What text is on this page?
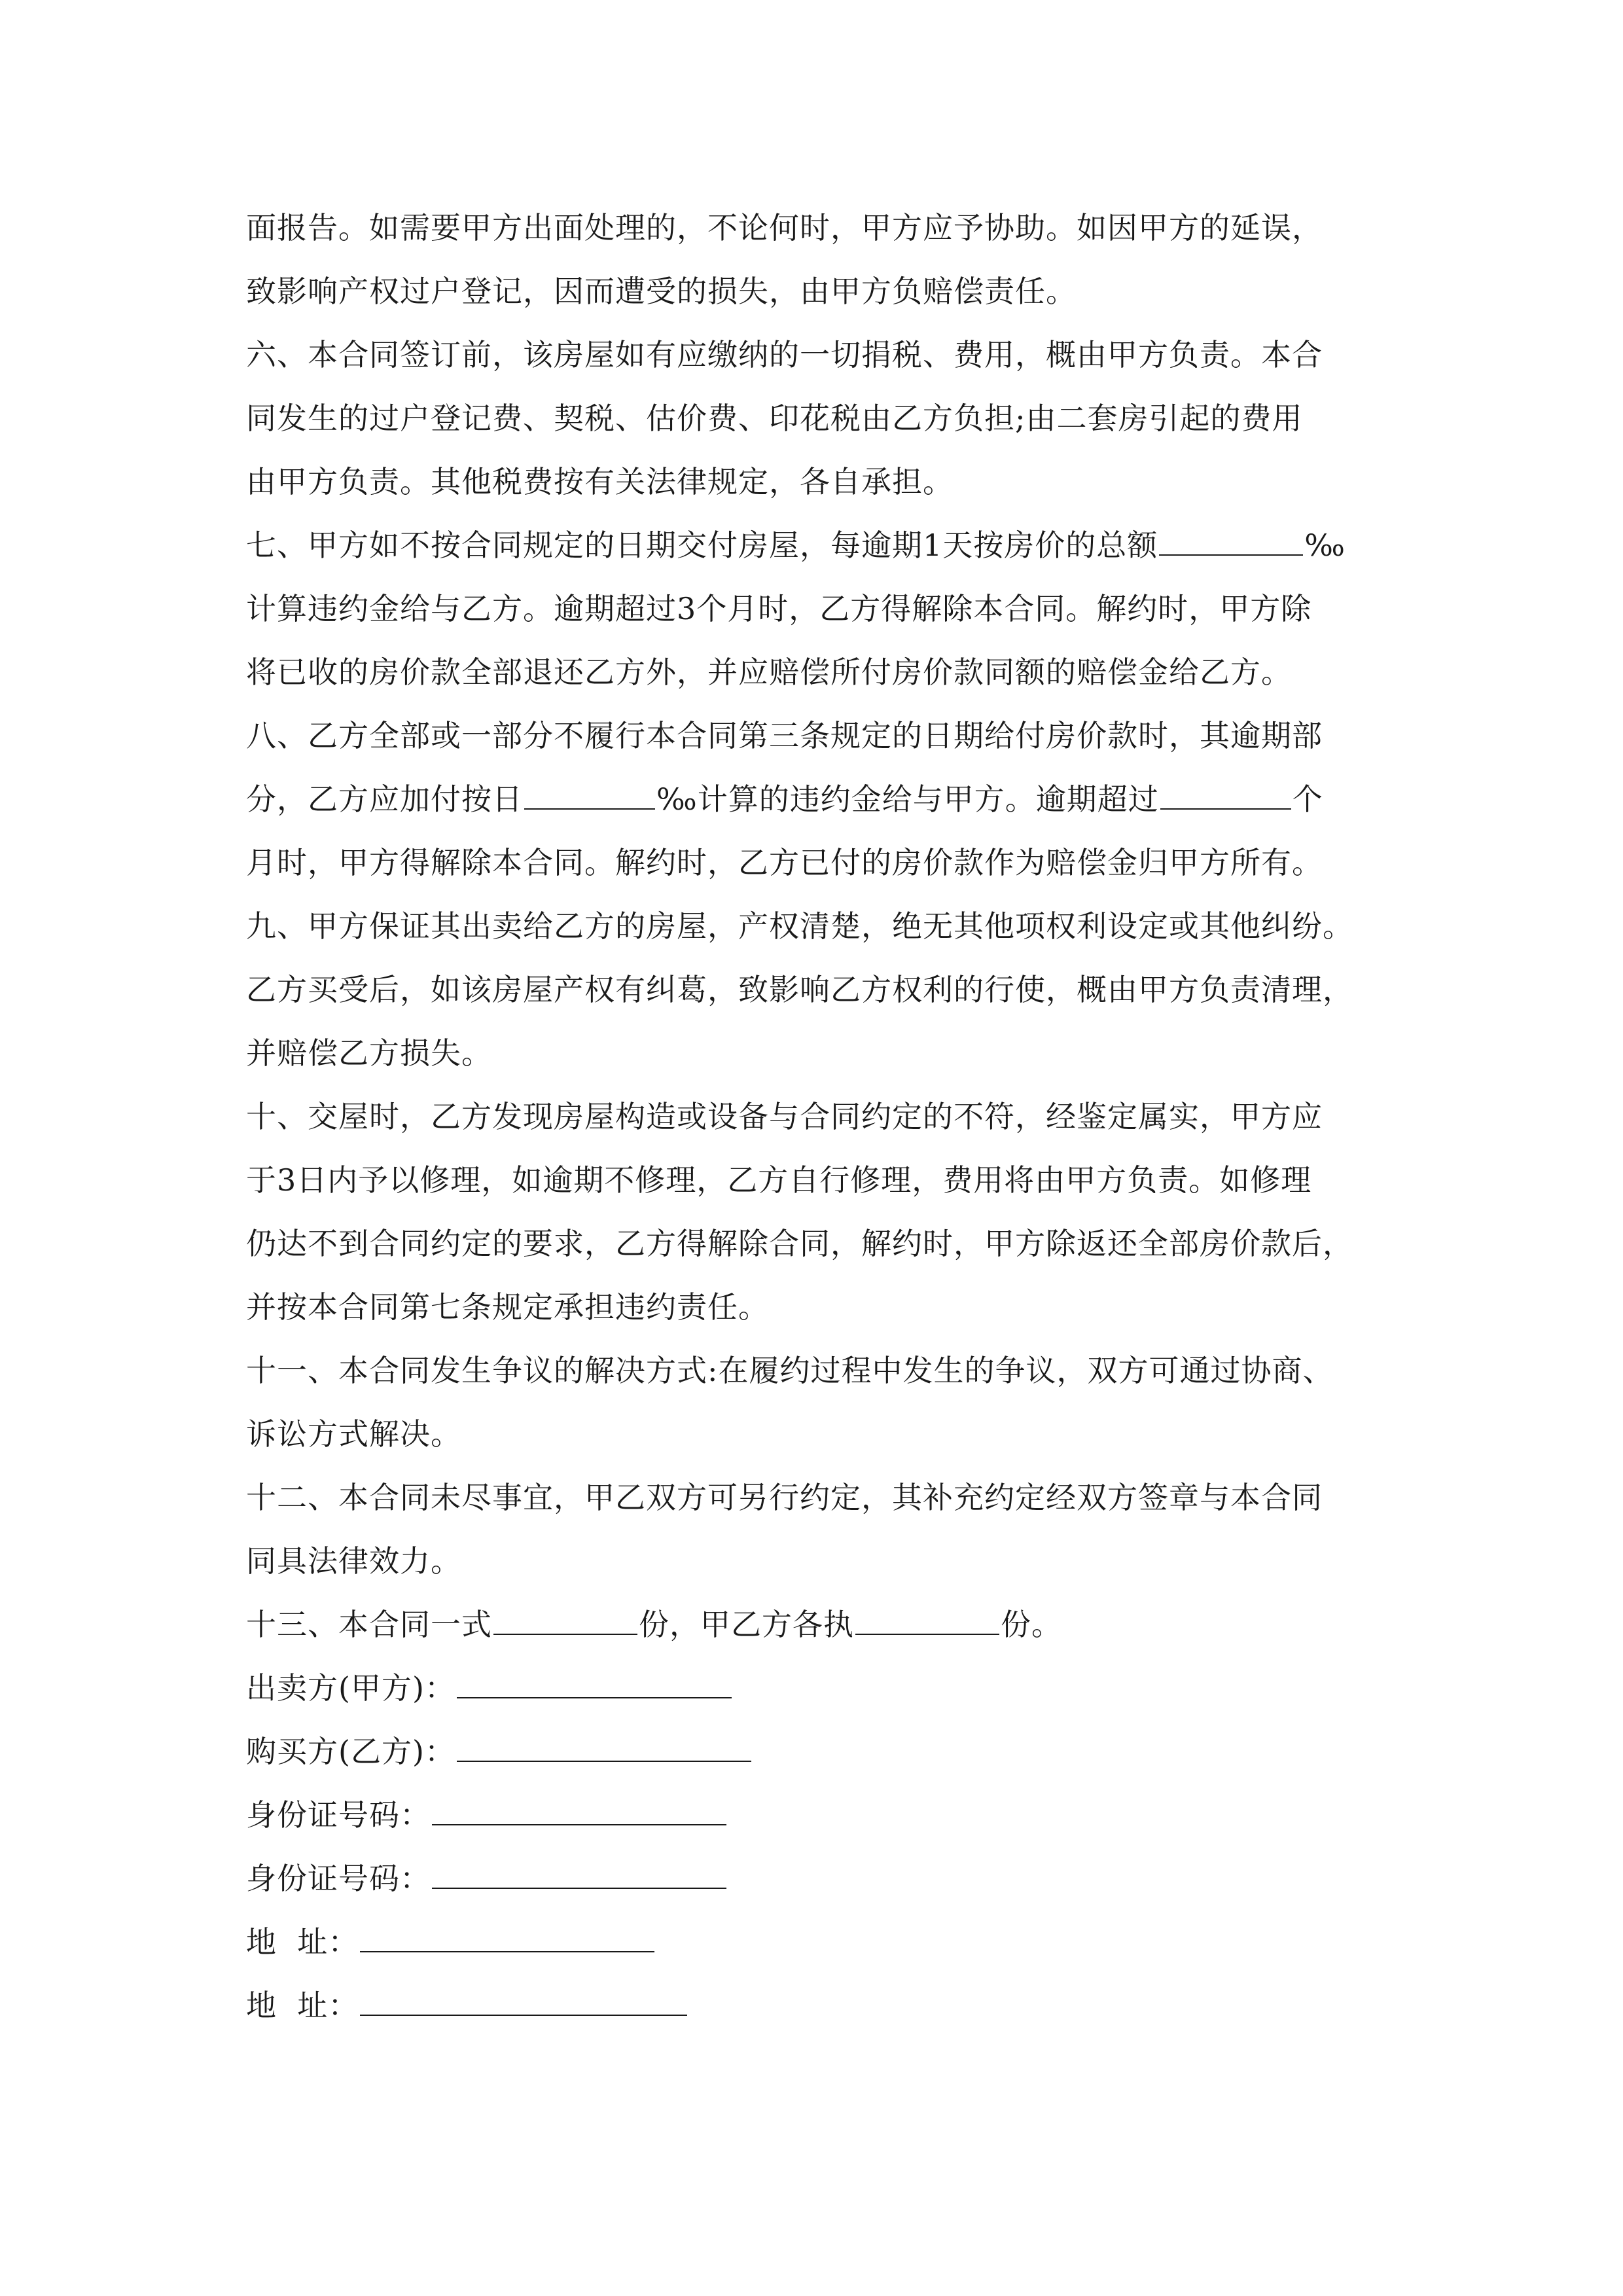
面报告。如需要甲方出面处理的，不论何时，甲方应予协助。如因甲方的延误，
致影响产权过户登记，因而遭受的损失，由甲方负赔偿责任。
六、本合同签订前，该房屋如有应缴纳的一切捐税、费用，概由甲方负责。本合
同发生的过户登记费、契税、估价费、印花税由乙方负担;由二套房引起的费用
由甲方负责。其他税费按有关法律规定，各自承担。
七、甲方如不按合同规定的日期交付房屋，每逾期1天按房价的总额	‰
计算违约金给与乙方。逾期超过3个月时，乙方得解除本合同。解约时，甲方除
将已收的房价款全部退还乙方外，并应赔偿所付房价款同额的赔偿金给乙方。
八、乙方全部或一部分不履行本合同第三条规定的日期给付房价款时，其逾期部
分，乙方应加付按日	‰计算的违约金给与甲方。逾期超过	个
月时，甲方得解除本合同。解约时，乙方已付的房价款作为赔偿金归甲方所有。
九、甲方保证其出卖给乙方的房屋，产权清楚，绝无其他项权利设定或其他纠纷。
乙方买受后，如该房屋产权有纠葛，致影响乙方权利的行使，概由甲方负责清理，
并赔偿乙方损失。
十、交屋时，乙方发现房屋构造或设备与合同约定的不符，经鉴定属实，甲方应
于3日内予以修理，如逾期不修理，乙方自行修理，费用将由甲方负责。如修理
仍达不到合同约定的要求，乙方得解除合同，解约时，甲方除返还全部房价款后，
并按本合同第七条规定承担违约责任。
十一、本合同发生争议的解决方式:在履约过程中发生的争议，双方可通过协商、
诉讼方式解决。
十二、本合同未尽事宜，甲乙双方可另行约定，其补充约定经双方签章与本合同
同具法律效力。
十三、本合同一式	份，甲乙方各执	份。
出卖方(甲方)：
购买方(乙方)：
身份证号码：
身份证号码：
地  址：
地  址：
